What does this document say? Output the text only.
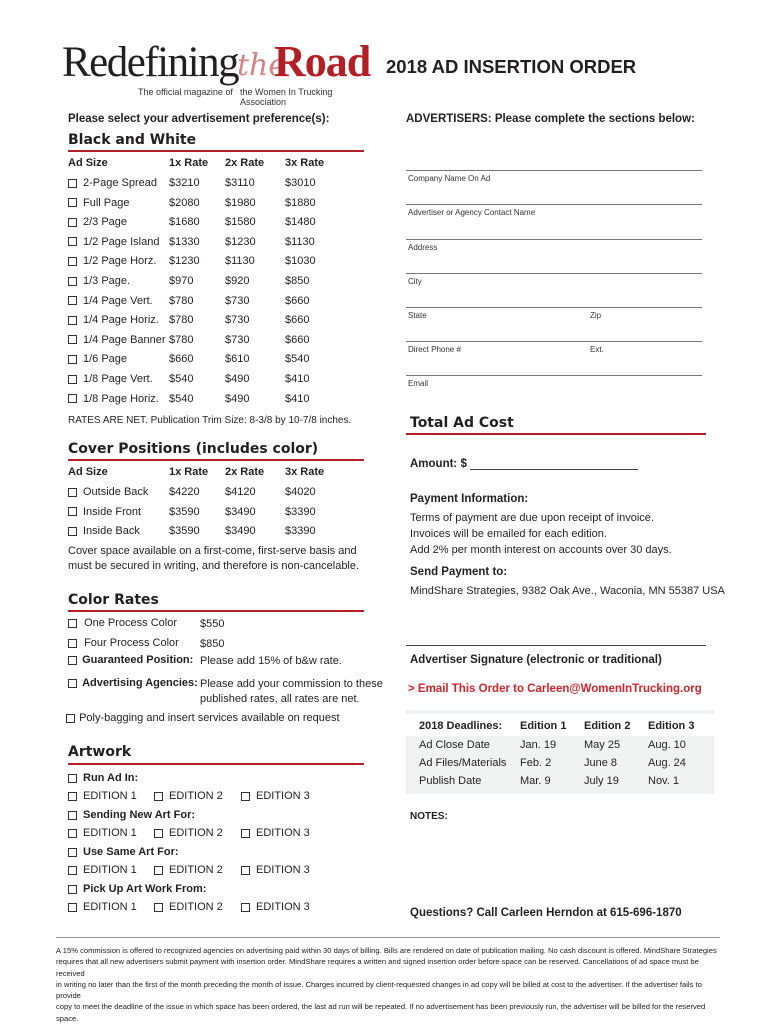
Redefining
the
Road
The official magazine of the Women In Trucking Association
2018 AD INSERTION ORDER
Please select your advertisement preference(s):	ADVERTISERS: Please complete the sections below:
Black and White
Ad Size	1x Rate 2x Rate 3x Rate
2-Page Spread $3210 $3110	$3010
Full Page	$2080 $1980	$1880
2/3 Page	$1680 $1580	$1480
1/2 Page Island $1330 $1230	$1130
1/2 Page Horz. $1230 $1130	$1030
1/3 Page.	$970	$920	$850
1/4 Page Vert. $780	$730	$660
1/4 Page Horiz. $780	$730	$660
1/4 Page Banner $780	$730	$660
1/6 Page	$660	$610	$540
1/8 Page Vert. $540	$490	$410
1/8 Page Horiz. $540	$490	$410
RATES ARE NET. Publication Trim Size: 8-3/8 by 10-7/8 inches.
Cover Positions (includes color)
Ad Size	1x Rate 2x Rate 3x Rate
Outside Back $4220 $4120	$4020
Inside Front	$3590 $3490	$3390
Inside Back	$3590 $3490	$3390
Cover space available on a first-come, first-serve basis and
must be secured in writing, and therefore is non-cancelable.
Color Rates
One Process Color $550
Four Process Color $850
Guaranteed Position: Please add 15% of b&w rate.
Advertising Agencies: Please add your commission to these
published rates, all rates are net.
Poly-bagging and insert services available on request
Artwork
Run Ad In:
EDITION 1	EDITION 2	EDITION 3
Sending New Art For:
EDITION 1	EDITION 2	EDITION 3
Use Same Art For:
EDITION 1	EDITION 2	EDITION 3
Pick Up Art Work From:
EDITION 1	EDITION 2	EDITION 3
Company Name On Ad
Advertiser or Agency Contact Name
Address
City
State	Zip
Direct Phone #	Ext.
Email
Total Ad Cost
Amount: $
Payment Information:
Terms of payment are due upon receipt of invoice.
Invoices will be emailed for each edition.
Add 2% per month interest on accounts over 30 days.
Send Payment to:
MindShare Strategies, 9382 Oak Ave., Waconia, MN 55387 USA
Advertiser Signature (electronic or traditional)
> Email This Order to Carleen@WomenInTrucking.org
2018 Deadlines: Edition 1 Edition 2 Edition 3
Ad Close Date	Jan. 19	May 25	Aug. 10
Ad Files/Materials Feb. 2	June 8	Aug. 24
Publish Date	Mar. 9	July 19	Nov. 1
NOTES:
Questions? Call Carleen Herndon at 615-696-1870
A 15% commission is offered to recognized agencies on advertising paid within 30 days of billing. Bills are rendered on date of publication mailing. No cash discount is offered. MindShare Strategies
requires that all new advertisers submit payment with insertion order. MindShare requires a written and signed insertion order before space can be reserved. Cancellations of ad space must be received
in writing no later than the first of the month preceding the month of issue. Charges incurred by client-requested changes in ad copy will be billed at cost to the advertiser. If the advertiser fails to provide
copy to meet the deadline of the issue in which space has been ordered, the last ad run will be repeated. If no advertisement has been previously run, the advertiser will be billed for the reserved space.
